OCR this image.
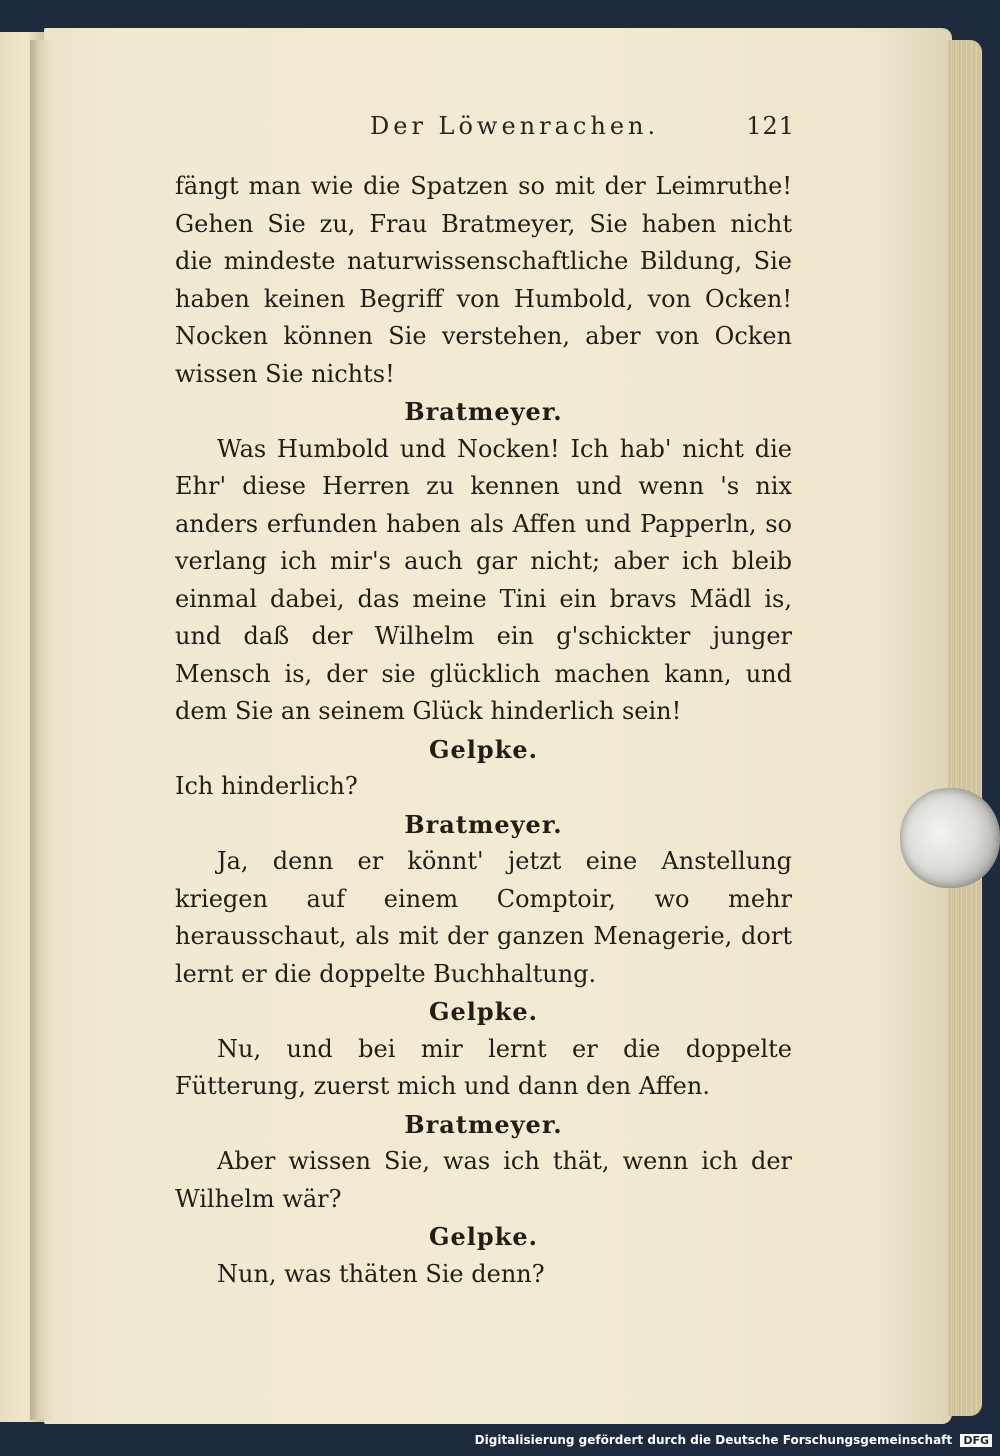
Der Löwenrachen.	121

fängt man wie die Spatzen so mit der Leimruthe! Gehen Sie zu, Frau Bratmeyer, Sie haben nicht die mindeste naturwissenschaftliche Bildung, Sie haben keinen Begriff von Humbold, von Ocken! Nocken können Sie verstehen, aber von Ocken wissen Sie nichts!

Bratmeyer.

Was Humbold und Nocken! Ich hab' nicht die Ehr' diese Herren zu kennen und wenn 's nix anders erfunden haben als Affen und Papperln, so verlang ich mir's auch gar nicht; aber ich bleib einmal dabei, das meine Tini ein bravs Mädl is, und daß der Wilhelm ein g'schickter junger Mensch is, der sie glücklich machen kann, und dem Sie an seinem Glück hinderlich sein!

Gelpke.

Ich hinderlich?

Bratmeyer.

Ja, denn er könnt' jetzt eine Anstellung kriegen auf einem Comptoir, wo mehr herausschaut, als mit der ganzen Menagerie, dort lernt er die doppelte Buchhaltung.

Gelpke.

Nu, und bei mir lernt er die doppelte Fütterung, zuerst mich und dann den Affen.

Bratmeyer.

Aber wissen Sie, was ich thät, wenn ich der Wilhelm wär?

Gelpke.

Nun, was thäten Sie denn?

Digitalisierung gefördert durch die Deutsche Forschungsgemeinschaft DFG
